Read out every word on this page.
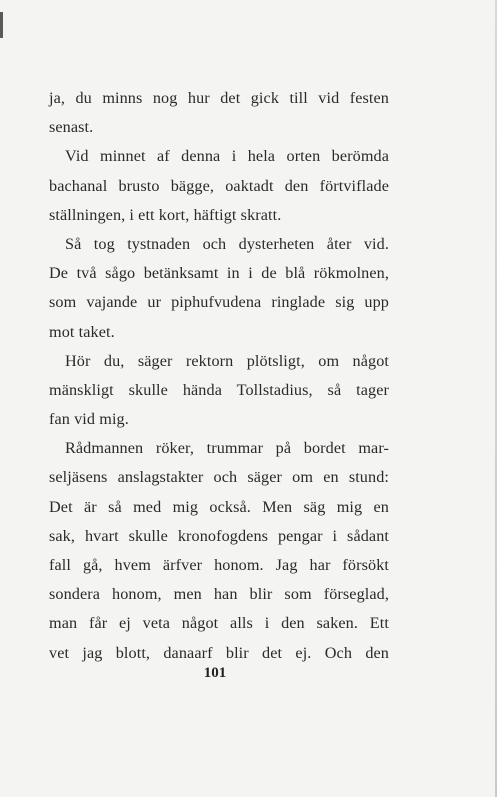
ja, du minns nog hur det gick till vid festen
senast.
Vid minnet af denna i hela orten berömda
bachanal brusto bägge, oaktadt den förtviflade
ställningen, i ett kort, häftigt skratt.
Så tog tystnaden och dysterheten åter vid.
De två sågo betänksamt in i de blå rökmolnen,
som vajande ur piphufvudena ringlade sig upp
mot taket.
Hör du, säger rektorn plötsligt, om något
mänskligt skulle hända Tollstadius, så tager
fan vid mig.
Rådmannen röker, trummar på bordet mar-
seljäsens anslagstakter och säger om en stund:
Det är så med mig också. Men säg mig en
sak, hvart skulle kronofogdens pengar i sådant
fall gå, hvem ärfver honom. Jag har försökt
sondera honom, men han blir som förseglad,
man får ej veta något alls i den saken. Ett
vet jag blott, danaarf blir det ej. Och den
101
